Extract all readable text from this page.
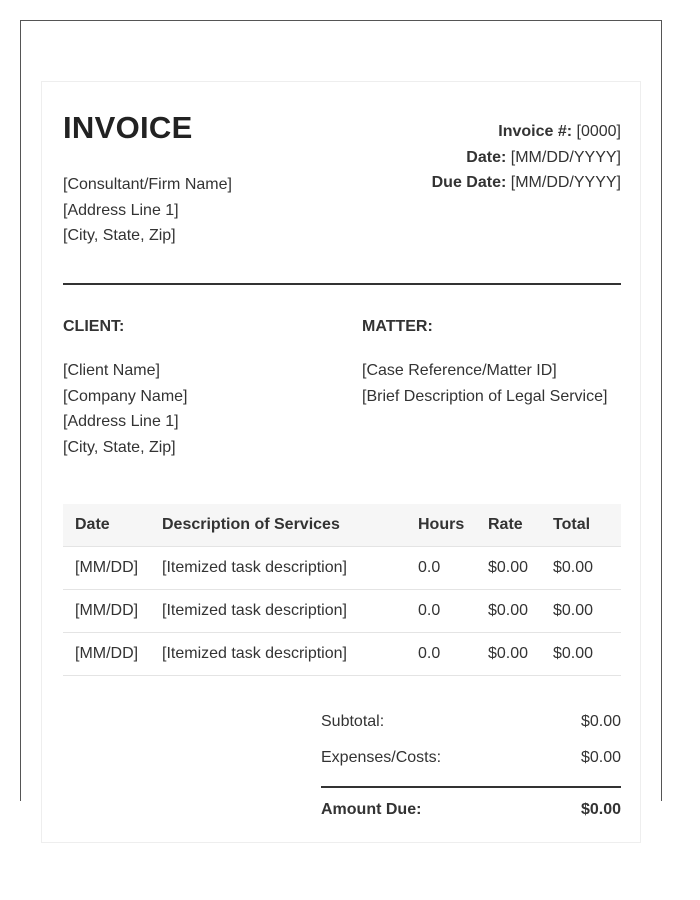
INVOICE
[Consultant/Firm Name]
[Address Line 1]
[City, State, Zip]
Invoice #: [0000]
Date: [MM/DD/YYYY]
Due Date: [MM/DD/YYYY]
CLIENT:
[Client Name]
[Company Name]
[Address Line 1]
[City, State, Zip]
MATTER:
[Case Reference/Matter ID]
[Brief Description of Legal Service]
Date	Description of Services	Hours	Rate	Total
[MM/DD]	[Itemized task description]	0.0	$0.00	$0.00
[MM/DD]	[Itemized task description]	0.0	$0.00	$0.00
[MM/DD]	[Itemized task description]	0.0	$0.00	$0.00
Subtotal:	$0.00
Expenses/Costs:	$0.00
Amount Due:	$0.00
